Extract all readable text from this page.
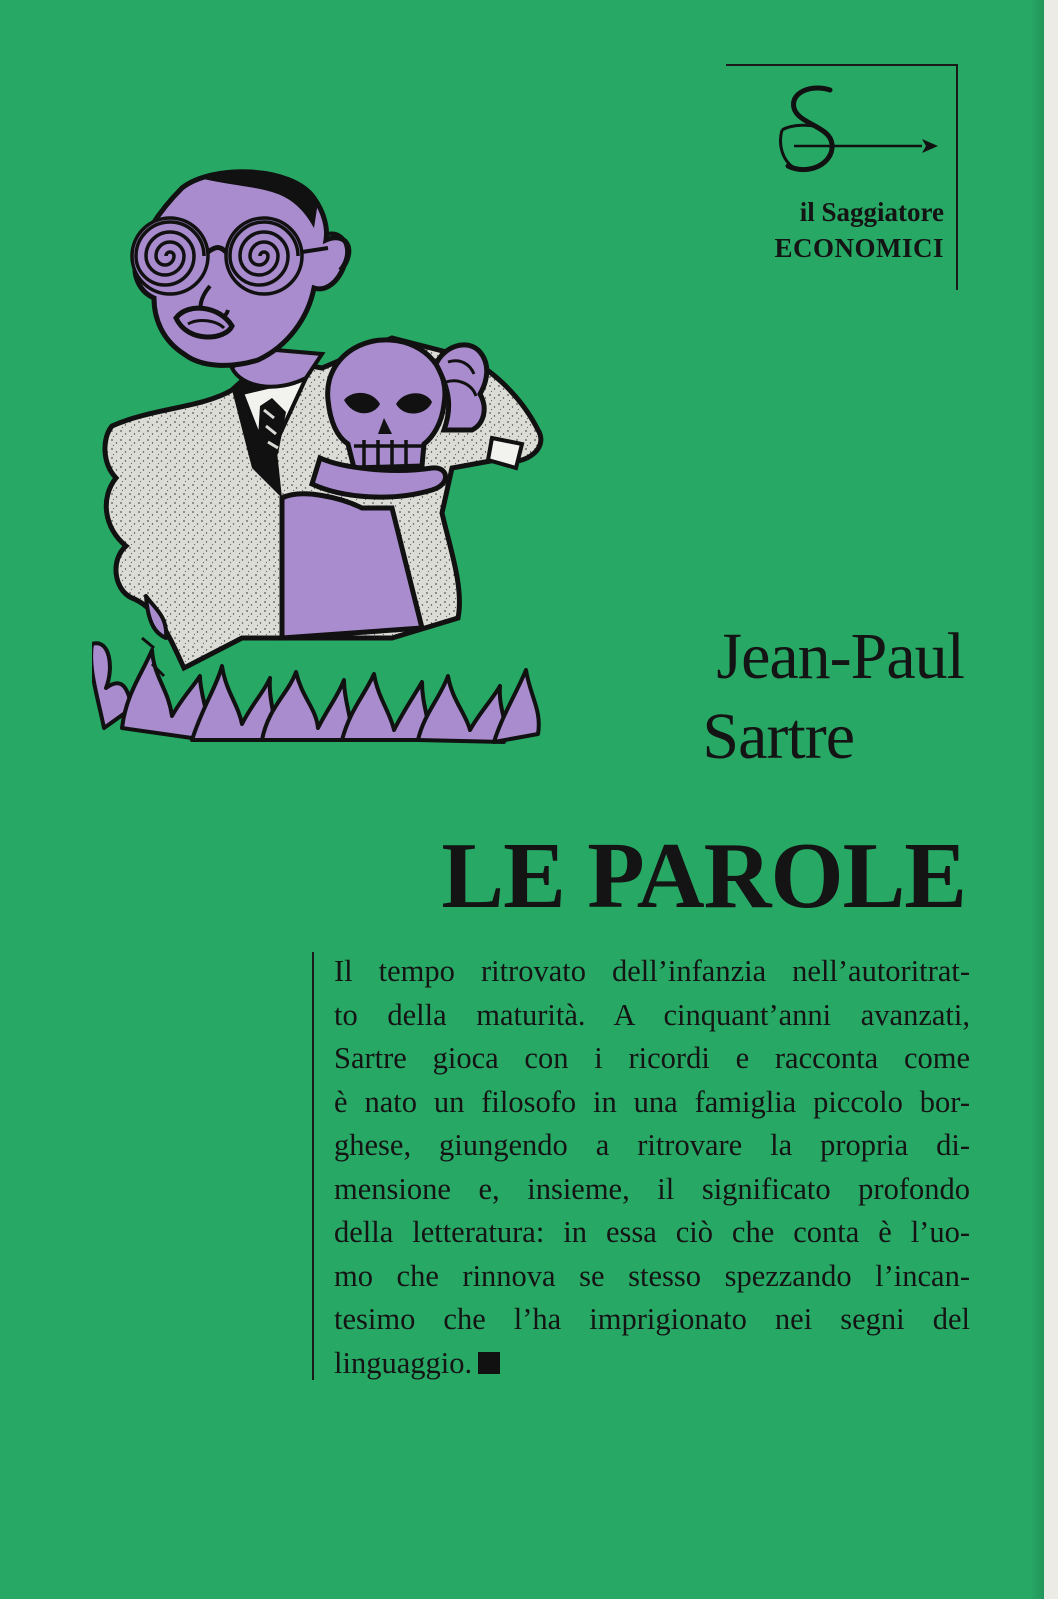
il Saggiatore
ECONOMICI
Jean-Paul
Sartre
LE PAROLE
Il tempo ritrovato dell’infanzia nell’autoritrat-
to della maturità. A cinquant’anni avanzati,
Sartre gioca con i ricordi e racconta come
è nato un filosofo in una famiglia piccolo bor-
ghese, giungendo a ritrovare la propria di-
mensione e, insieme, il significato profondo
della letteratura: in essa ciò che conta è l’uo-
mo che rinnova se stesso spezzando l’incan-
tesimo che l’ha imprigionato nei segni del
linguaggio.
